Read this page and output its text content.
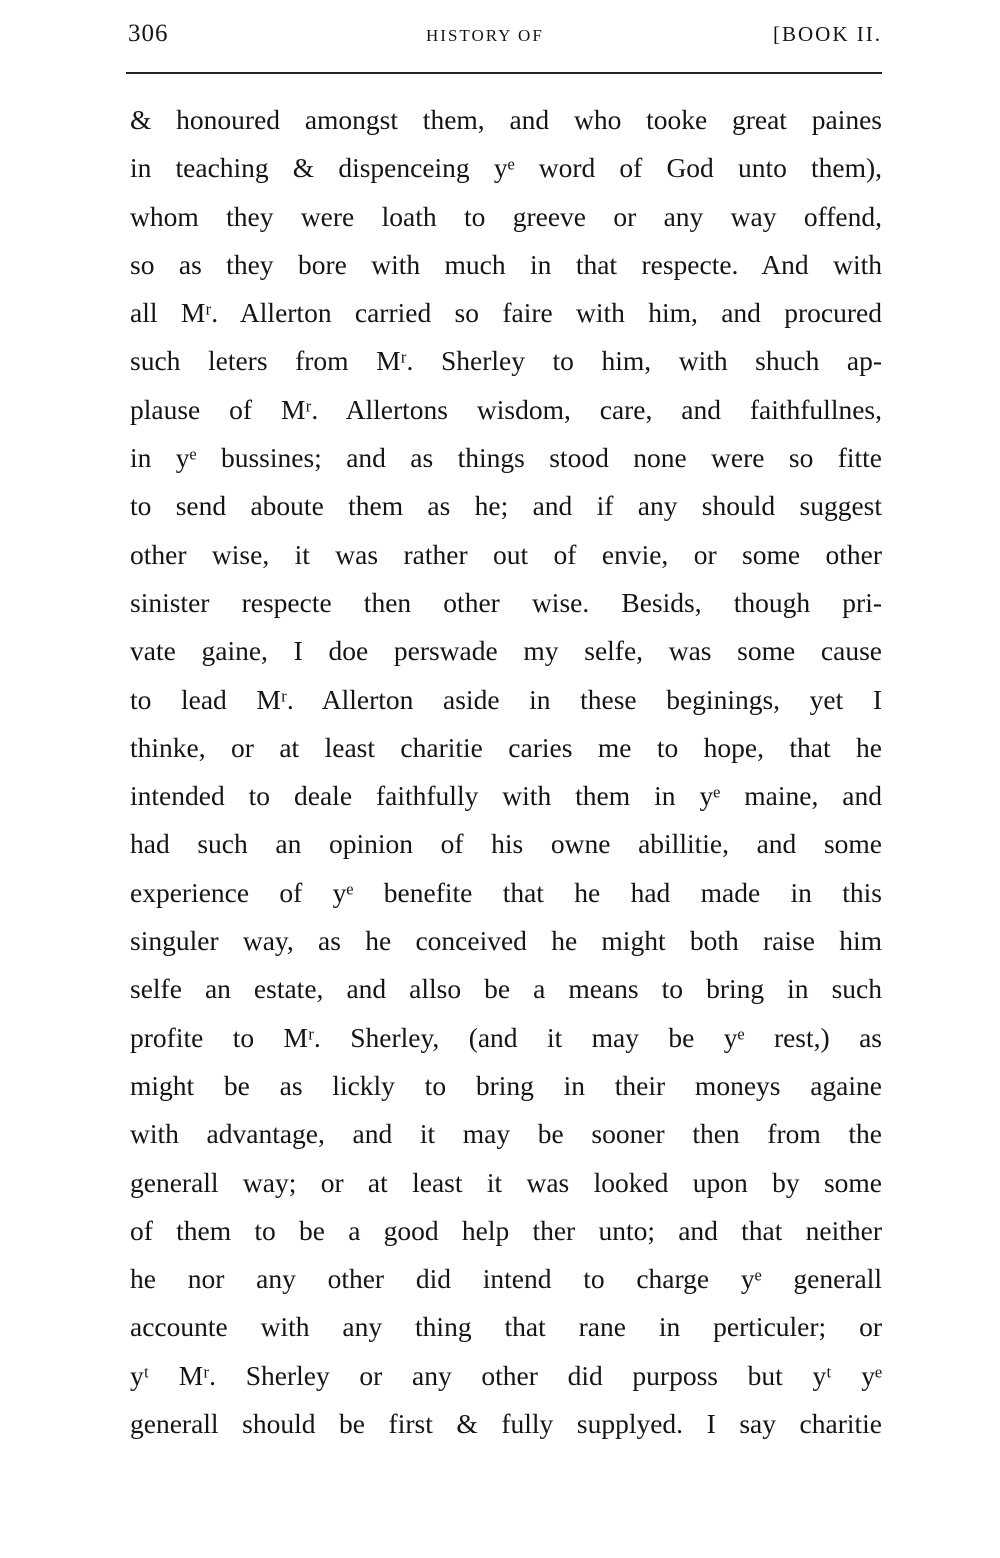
306	HISTORY OF	[BOOK II.
& honoured amongst them, and who tooke great paines
in teaching & dispenceing yᵉ word of God unto them),
whom they were loath to greeve or any way offend,
so as they bore with much in that respecte. And with
all Mʳ. Allerton carried so faire with him, and procured
such leters from Mʳ. Sherley to him, with shuch ap-
plause of Mʳ. Allertons wisdom, care, and faithfullnes,
in yᵉ bussines; and as things stood none were so fitte
to send aboute them as he; and if any should suggest
other wise, it was rather out of envie, or some other
sinister respecte then other wise. Besids, though pri-
vate gaine, I doe perswade my selfe, was some cause
to lead Mʳ. Allerton aside in these beginings, yet I
thinke, or at least charitie caries me to hope, that he
intended to deale faithfully with them in yᵉ maine, and
had such an opinion of his owne abillitie, and some
experience of yᵉ benefite that he had made in this
singuler way, as he conceived he might both raise him
selfe an estate, and allso be a means to bring in such
profite to Mʳ. Sherley, (and it may be yᵉ rest,) as
might be as lickly to bring in their moneys againe
with advantage, and it may be sooner then from the
generall way; or at least it was looked upon by some
of them to be a good help ther unto; and that neither
he nor any other did intend to charge yᵉ generall
accounte with any thing that rane in perticuler; or
yᵗ Mʳ. Sherley or any other did purposs but yᵗ yᵉ
generall should be first & fully supplyed. I say charitie
